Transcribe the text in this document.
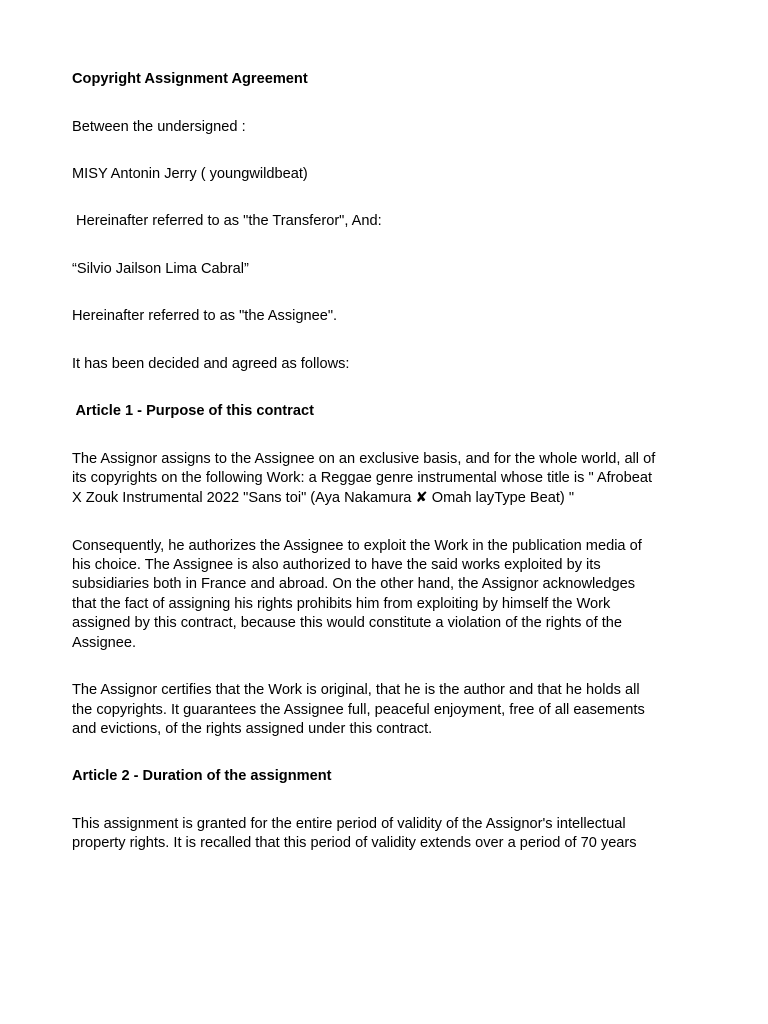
Copyright Assignment Agreement
Between the undersigned :
MISY Antonin Jerry ( youngwildbeat)
Hereinafter referred to as "the Transferor", And:
“Silvio Jailson Lima Cabral”
Hereinafter referred to as "the Assignee".
It has been decided and agreed as follows:
Article 1 - Purpose of this contract
The Assignor assigns to the Assignee on an exclusive basis, and for the whole world, all of
its copyrights on the following Work: a Reggae genre instrumental whose title is " Afrobeat
X Zouk Instrumental 2022 "Sans toi" (Aya Nakamura ✘ Omah layType Beat) "
Consequently, he authorizes the Assignee to exploit the Work in the publication media of
his choice. The Assignee is also authorized to have the said works exploited by its
subsidiaries both in France and abroad. On the other hand, the Assignor acknowledges
that the fact of assigning his rights prohibits him from exploiting by himself the Work
assigned by this contract, because this would constitute a violation of the rights of the
Assignee.
The Assignor certifies that the Work is original, that he is the author and that he holds all
the copyrights. It guarantees the Assignee full, peaceful enjoyment, free of all easements
and evictions, of the rights assigned under this contract.
Article 2 - Duration of the assignment
This assignment is granted for the entire period of validity of the Assignor's intellectual
property rights. It is recalled that this period of validity extends over a period of 70 years
